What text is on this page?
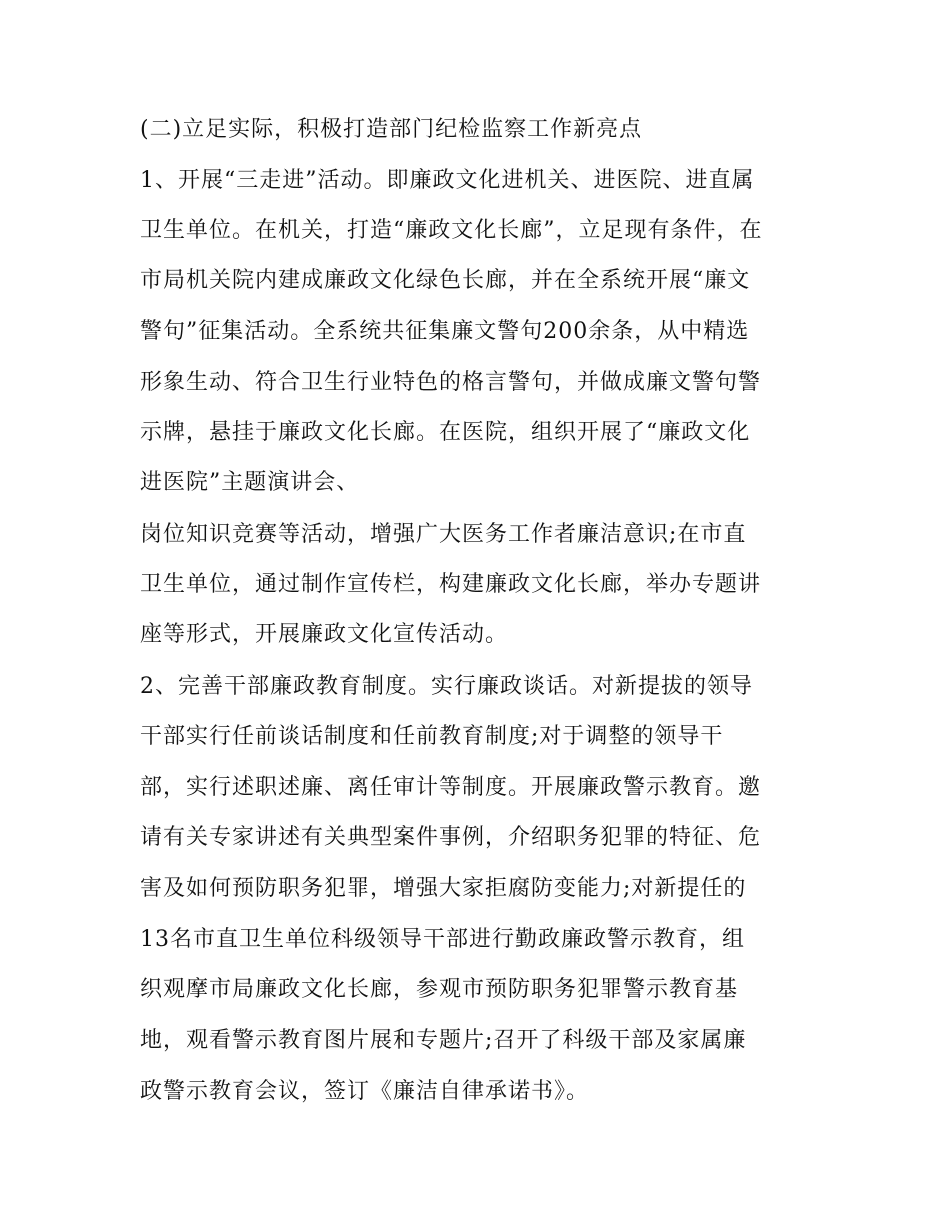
(二)立足实际，积极打造部门纪检监察工作新亮点
1、开展“三走进”活动。即廉政文化进机关、进医院、进直属
卫生单位。在机关，打造“廉政文化长廊”，立足现有条件，在
市局机关院内建成廉政文化绿色长廊，并在全系统开展“廉文
警句”征集活动。全系统共征集廉文警句200余条，从中精选
形象生动、符合卫生行业特色的格言警句，并做成廉文警句警
示牌，悬挂于廉政文化长廊。在医院，组织开展了“廉政文化
进医院”主题演讲会、
岗位知识竞赛等活动，增强广大医务工作者廉洁意识;在市直
卫生单位，通过制作宣传栏，构建廉政文化长廊，举办专题讲
座等形式，开展廉政文化宣传活动。
2、完善干部廉政教育制度。实行廉政谈话。对新提拔的领导
干部实行任前谈话制度和任前教育制度;对于调整的领导干
部，实行述职述廉、离任审计等制度。开展廉政警示教育。邀
请有关专家讲述有关典型案件事例，介绍职务犯罪的特征、危
害及如何预防职务犯罪，增强大家拒腐防变能力;对新提任的
13名市直卫生单位科级领导干部进行勤政廉政警示教育，组
织观摩市局廉政文化长廊，参观市预防职务犯罪警示教育基
地，观看警示教育图片展和专题片;召开了科级干部及家属廉
政警示教育会议，签订《廉洁自律承诺书》。
